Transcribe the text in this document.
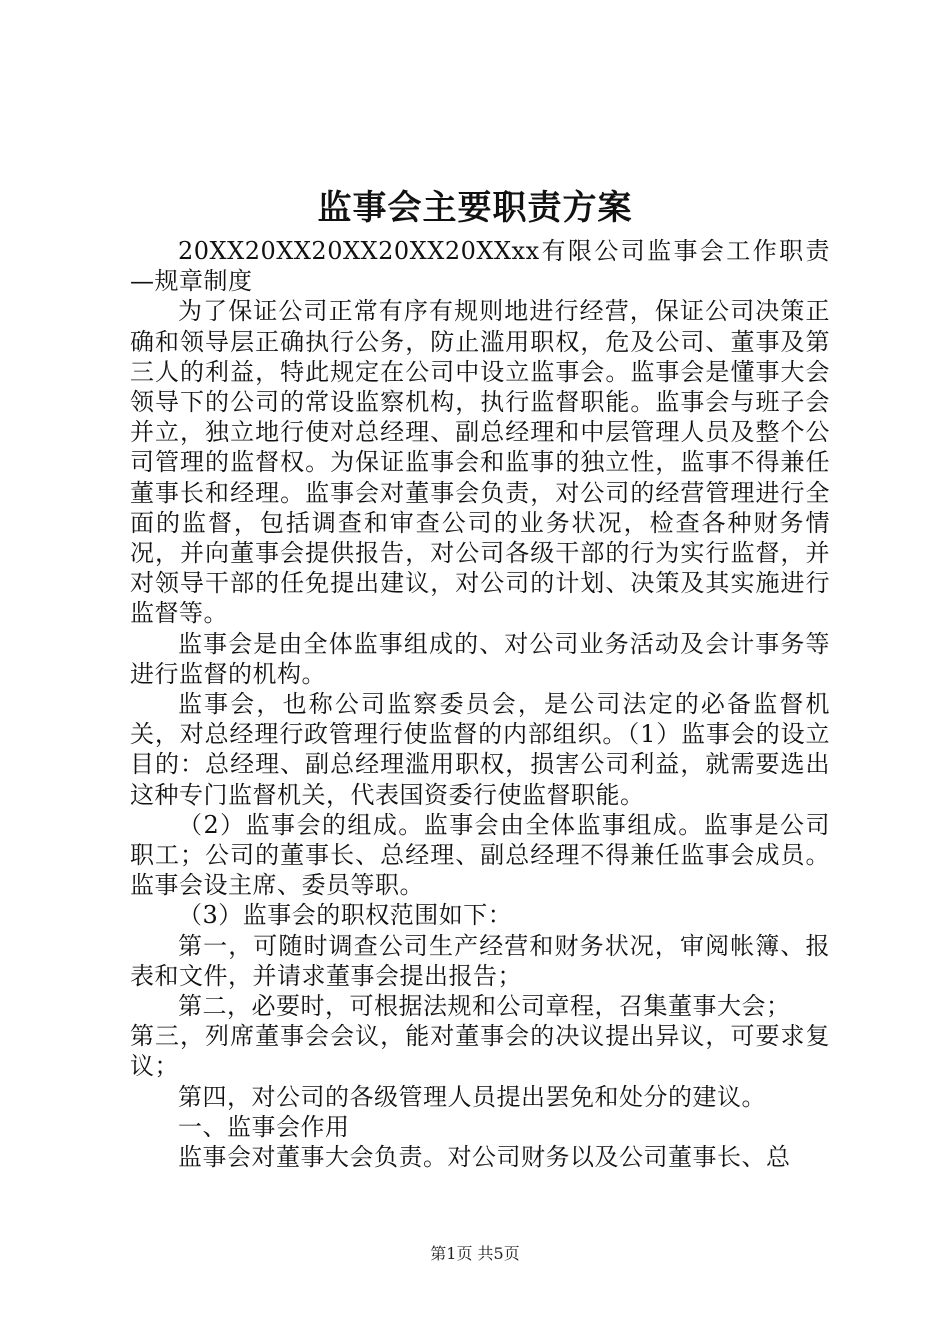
监事会主要职责方案

20XX20XX20XX20XX20XXxx有限公司监事会工作职责—规章制度

为了保证公司正常有序有规则地进行经营，保证公司决策正确和领导层正确执行公务，防止滥用职权，危及公司、董事及第三人的利益，特此规定在公司中设立监事会。监事会是懂事大会领导下的公司的常设监察机构，执行监督职能。监事会与班子会并立，独立地行使对总经理、副总经理和中层管理人员及整个公司管理的监督权。为保证监事会和监事的独立性，监事不得兼任董事长和经理。监事会对董事会负责，对公司的经营管理进行全面的监督，包括调查和审查公司的业务状况，检查各种财务情况，并向董事会提供报告，对公司各级干部的行为实行监督，并对领导干部的任免提出建议，对公司的计划、决策及其实施进行监督等。

监事会是由全体监事组成的、对公司业务活动及会计事务等进行监督的机构。

监事会，也称公司监察委员会，是公司法定的必备监督机关，对总经理行政管理行使监督的内部组织。（1）监事会的设立目的：总经理、副总经理滥用职权，损害公司利益，就需要选出这种专门监督机关，代表国资委行使监督职能。

（2）监事会的组成。监事会由全体监事组成。监事是公司职工；公司的董事长、总经理、副总经理不得兼任监事会成员。监事会设主席、委员等职。

（3）监事会的职权范围如下：

第一，可随时调查公司生产经营和财务状况，审阅帐簿、报表和文件，并请求董事会提出报告；

第二，必要时，可根据法规和公司章程，召集董事大会；

第三，列席董事会会议，能对董事会的决议提出异议，可要求复议；

第四，对公司的各级管理人员提出罢免和处分的建议。

一、监事会作用

监事会对董事大会负责。对公司财务以及公司董事长、总

第1页 共5页
